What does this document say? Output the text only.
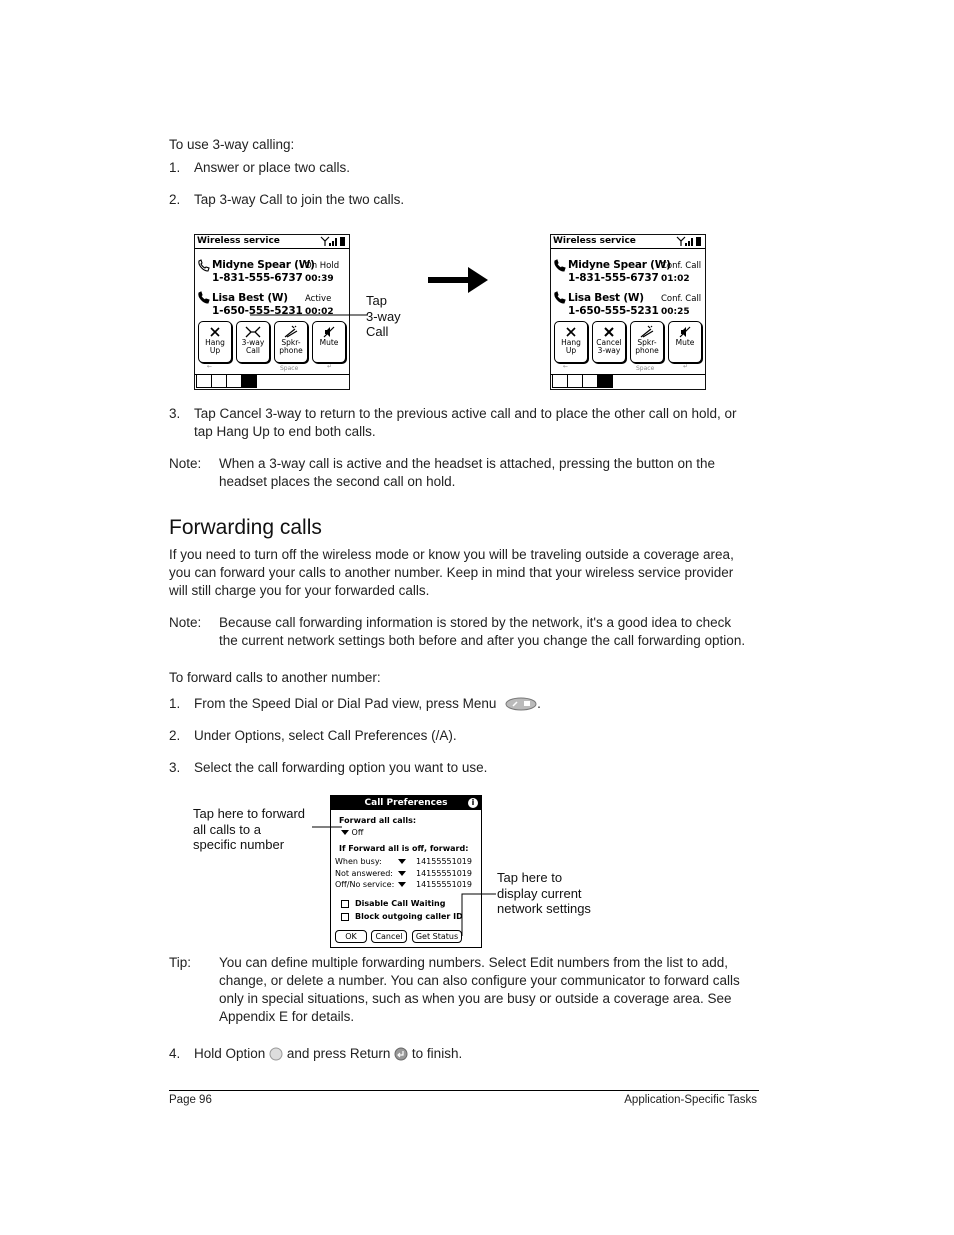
To use 3-way calling:
1.	Answer or place two calls.
2.	Tap 3-way Call to join the two calls.
Wireless service
Midyne Spear (W)
1-831-555-6737
On Hold
00:39
Lisa Best (W)
1-650-555-5231
Active
00:02
Hang
Up
3-way
Call
Spkr-
phone
Mute
←	Space	↵
Tap
3-way
Call
Wireless service
Midyne Spear (W)
1-831-555-6737
Conf. Call
01:02
Lisa Best (W)
1-650-555-5231
Conf. Call
00:25
Hang
Up
Cancel
3-way
Spkr-
phone
Mute
←	Space	↵
3.	Tap Cancel 3-way to return to the previous active call and to place the other call on hold, or
tap Hang Up to end both calls.
Note: When a 3-way call is active and the headset is attached, pressing the button on the
headset places the second call on hold.
Forwarding calls
If you need to turn off the wireless mode or know you will be traveling outside a coverage area,
you can forward your calls to another number. Keep in mind that your wireless service provider
will still charge you for your forwarded calls.
Note: Because call forwarding information is stored by the network, it's a good idea to check
the current network settings both before and after you change the call forwarding option.
To forward calls to another number:
1.	From the Speed Dial or Dial Pad view, press Menu	.
2.	Under Options, select Call Preferences (/A).
3.	Select the call forwarding option you want to use.
Call Preferences	i
Forward all calls:
Off
If Forward all is off, forward:
When busy:	14155551019
Not answered:	14155551019
Off/No service:	14155551019
Disable Call Waiting
Block outgoing caller ID
OK	Cancel	Get Status
Tap here to forward
all calls to a
specific number
Tap here to
display current
network settings
Tip: You can define multiple forwarding numbers. Select Edit numbers from the list to add,
change, or delete a number. You can also configure your communicator to forward calls
only in special situations, such as when you are busy or outside a coverage area. See
Appendix E for details.
4.	Hold Option and press Return to finish.
Page 96	Application-Specific Tasks
